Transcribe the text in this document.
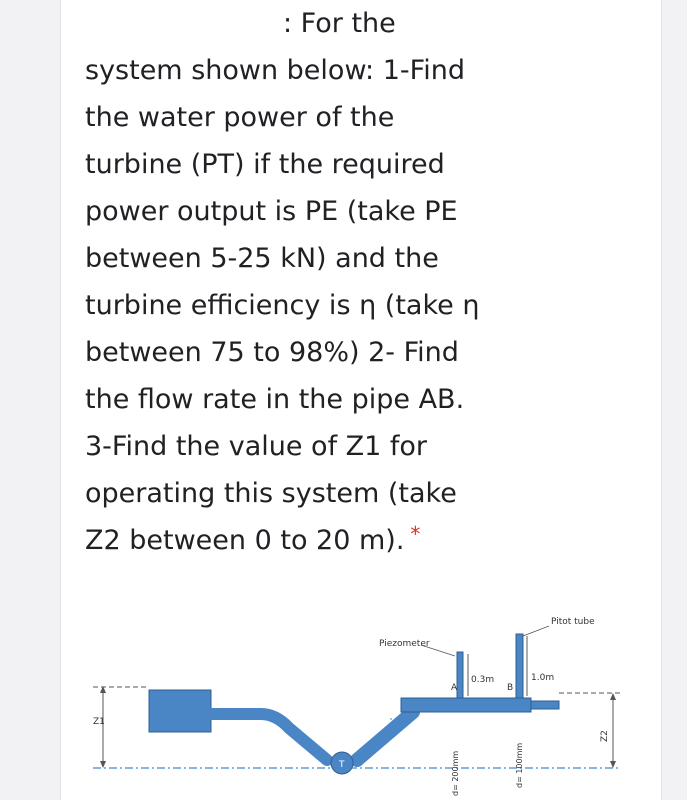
: For the
system shown below: 1-Find
the water power of the
turbine (PT) if the required
power output is PE (take PE
between 5-25 kN) and the
turbine efficiency is η (take η
between 75 to 98%) 2- Find
the flow rate in the pipe AB.
3-Find the value of Z1 for
operating this system (take
Z2 between 0 to 20 m). *
Z1
T
Piezometer
Pitot tube
0.3m	1.0m
A	B
Z2
d= 200mm	d= 100mm
